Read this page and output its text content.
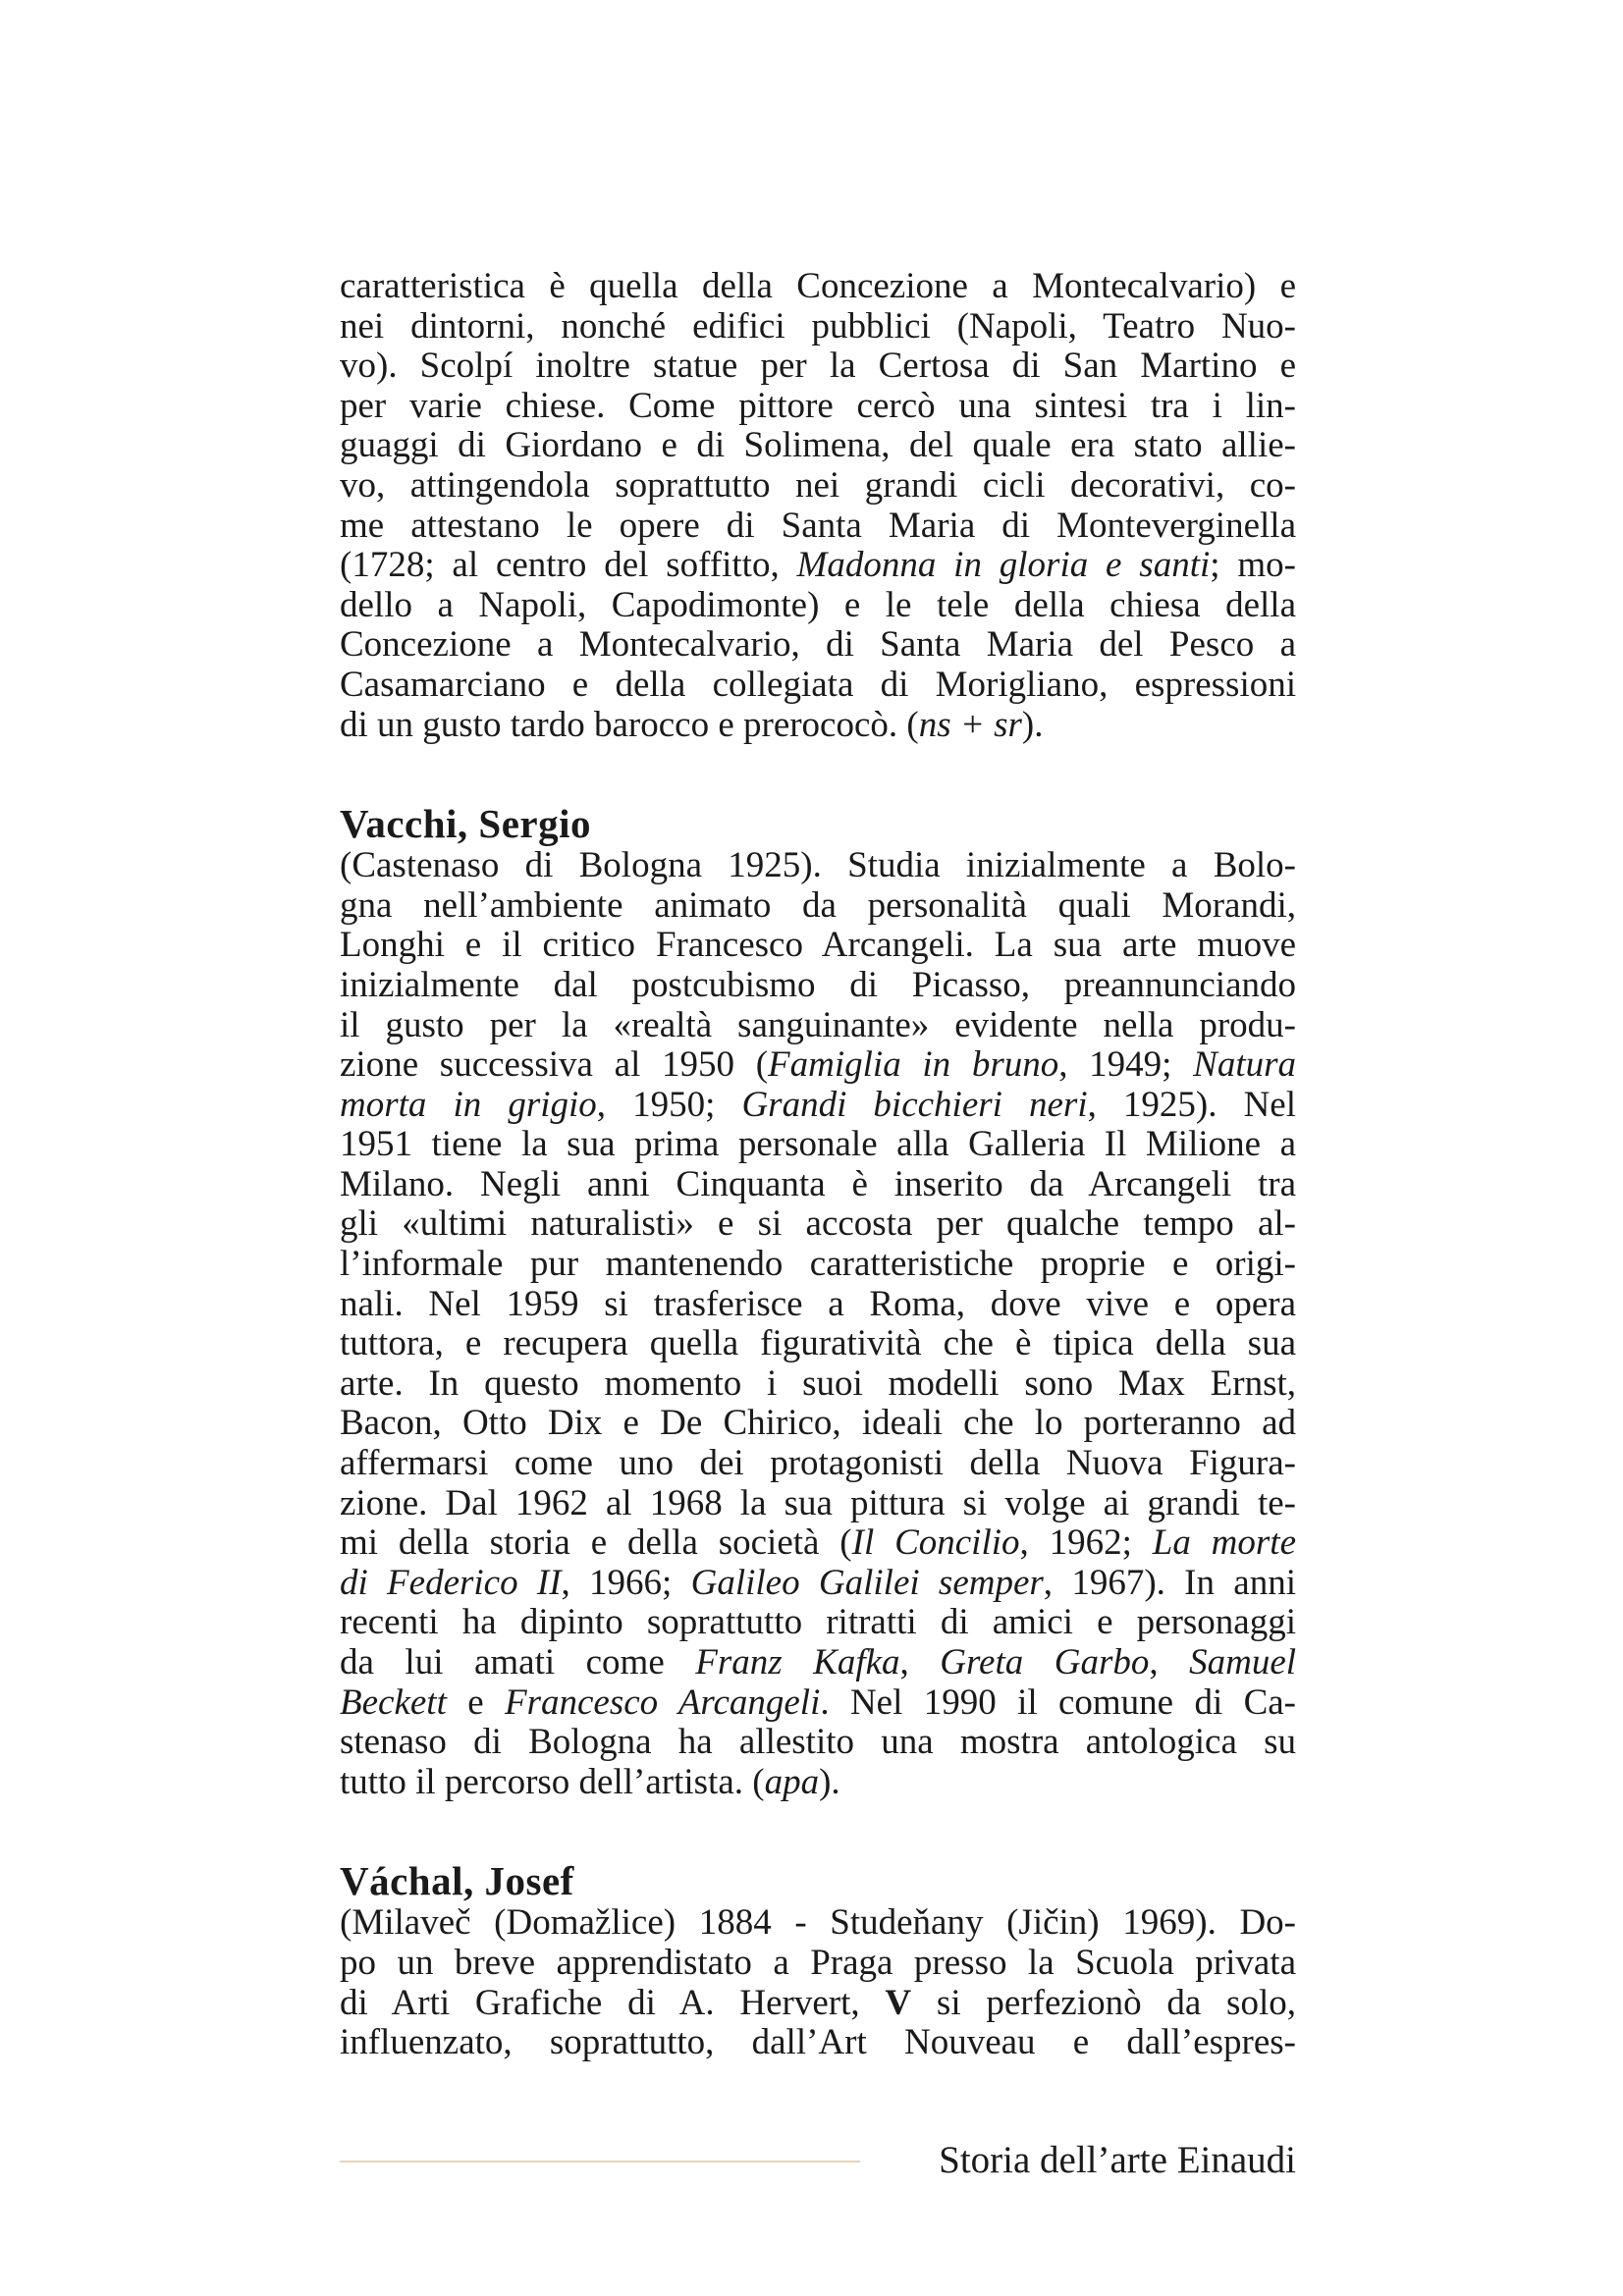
caratteristica è quella della Concezione a Montecalvario) e
nei dintorni, nonché edifici pubblici (Napoli, Teatro Nuo-
vo). Scolpí inoltre statue per la Certosa di San Martino e
per varie chiese. Come pittore cercò una sintesi tra i lin-
guaggi di Giordano e di Solimena, del quale era stato allie-
vo, attingendola soprattutto nei grandi cicli decorativi, co-
me attestano le opere di Santa Maria di Monteverginella
(1728; al centro del soffitto, Madonna in gloria e santi; mo-
dello a Napoli, Capodimonte) e le tele della chiesa della
Concezione a Montecalvario, di Santa Maria del Pesco a
Casamarciano e della collegiata di Morigliano, espressioni
di un gusto tardo barocco e prerococò. (ns + sr).
Vacchi, Sergio
(Castenaso di Bologna 1925). Studia inizialmente a Bolo-
gna nell’ambiente animato da personalità quali Morandi,
Longhi e il critico Francesco Arcangeli. La sua arte muove
inizialmente dal postcubismo di Picasso, preannunciando
il gusto per la «realtà sanguinante» evidente nella produ-
zione successiva al 1950 (Famiglia in bruno, 1949; Natura
morta in grigio, 1950; Grandi bicchieri neri, 1925). Nel
1951 tiene la sua prima personale alla Galleria Il Milione a
Milano. Negli anni Cinquanta è inserito da Arcangeli tra
gli «ultimi naturalisti» e si accosta per qualche tempo al-
l’informale pur mantenendo caratteristiche proprie e origi-
nali. Nel 1959 si trasferisce a Roma, dove vive e opera
tuttora, e recupera quella figuratività che è tipica della sua
arte. In questo momento i suoi modelli sono Max Ernst,
Bacon, Otto Dix e De Chirico, ideali che lo porteranno ad
affermarsi come uno dei protagonisti della Nuova Figura-
zione. Dal 1962 al 1968 la sua pittura si volge ai grandi te-
mi della storia e della società (Il Concilio, 1962; La morte
di Federico II, 1966; Galileo Galilei semper, 1967). In anni
recenti ha dipinto soprattutto ritratti di amici e personaggi
da lui amati come Franz Kafka, Greta Garbo, Samuel
Beckett e Francesco Arcangeli. Nel 1990 il comune di Ca-
stenaso di Bologna ha allestito una mostra antologica su
tutto il percorso dell’artista. (apa).
Váchal, Josef
(Milaveč (Domažlice) 1884 - Studeňany (Jičin) 1969). Do-
po un breve apprendistato a Praga presso la Scuola privata
di Arti Grafiche di A. Hervert, V si perfezionò da solo,
influenzato, soprattutto, dall’Art Nouveau e dall’espres-
Storia dell’arte Einaudi
